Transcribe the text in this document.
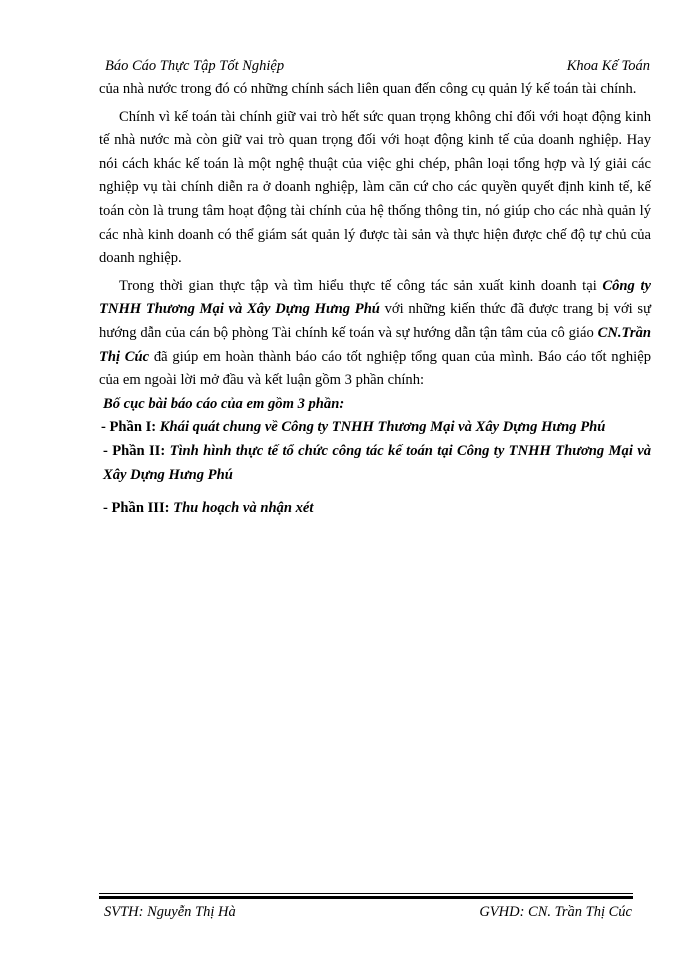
Báo Cáo Thực Tập Tốt Nghiệp	Khoa Kế Toán

của nhà nước trong đó có những chính sách liên quan đến công cụ quản lý kế toán tài chính.

Chính vì kế toán tài chính giữ vai trò hết sức quan trọng không chỉ đối với hoạt động kinh tế nhà nước mà còn giữ vai trò quan trọng đối với hoạt động kinh tế của doanh nghiệp. Hay nói cách khác kế toán là một nghệ thuật của việc ghi chép, phân loại tổng hợp và lý giải các nghiệp vụ tài chính diễn ra ở doanh nghiệp, làm căn cứ cho các quyền quyết định kinh tế, kế toán còn là trung tâm hoạt động tài chính của hệ thống thông tin, nó giúp cho các nhà quản lý các nhà kinh doanh có thể giám sát quản lý được tài sản và thực hiện được chế độ tự chủ của doanh nghiệp.

Trong thời gian thực tập và tìm hiểu thực tế công tác sản xuất kinh doanh tại Công ty TNHH Thương Mại và Xây Dựng Hưng Phú với những kiến thức đã được trang bị với sự hướng dẫn của cán bộ phòng Tài chính kế toán và sự hướng dẫn tận tâm của cô giáo CN.Trần Thị Cúc đã giúp em hoàn thành báo cáo tốt nghiệp tổng quan của mình. Báo cáo tốt nghiệp của em ngoài lời mở đầu và kết luận gồm 3 phần chính:

Bố cục bài báo cáo của em gồm 3 phần:

- Phần I: Khái quát chung về Công ty TNHH Thương Mại và Xây Dựng Hưng Phú

- Phần II: Tình hình thực tế tổ chức công tác kế toán tại Công ty TNHH Thương Mại và Xây Dựng Hưng Phú

- Phần III: Thu hoạch và nhận xét

SVTH: Nguyễn Thị Hà	GVHD: CN. Trần Thị Cúc
